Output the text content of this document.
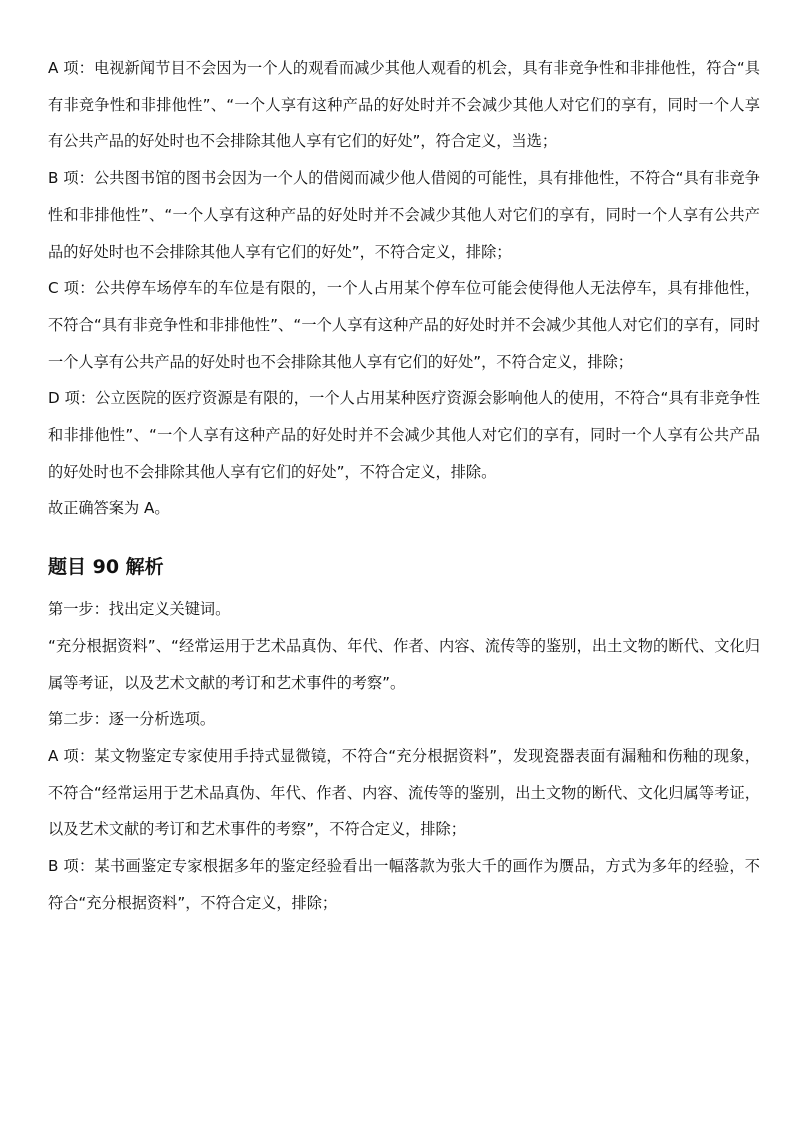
A 项：电视新闻节目不会因为一个人的观看而减少其他人观看的机会，具有非竞争性和非排他性，符合“具有非竞争性和非排他性”、“一个人享有这种产品的好处时并不会减少其他人对它们的享有，同时一个人享有公共产品的好处时也不会排除其他人享有它们的好处”，符合定义，当选；

B 项：公共图书馆的图书会因为一个人的借阅而减少他人借阅的可能性，具有排他性，不符合“具有非竞争性和非排他性”、“一个人享有这种产品的好处时并不会减少其他人对它们的享有，同时一个人享有公共产品的好处时也不会排除其他人享有它们的好处”，不符合定义，排除；

C 项：公共停车场停车的车位是有限的，一个人占用某个停车位可能会使得他人无法停车，具有排他性，不符合“具有非竞争性和非排他性”、“一个人享有这种产品的好处时并不会减少其他人对它们的享有，同时一个人享有公共产品的好处时也不会排除其他人享有它们的好处”，不符合定义，排除；

D 项：公立医院的医疗资源是有限的，一个人占用某种医疗资源会影响他人的使用，不符合“具有非竞争性和非排他性”、“一个人享有这种产品的好处时并不会减少其他人对它们的享有，同时一个人享有公共产品的好处时也不会排除其他人享有它们的好处”，不符合定义，排除。

故正确答案为 A。

题目 90 解析

第一步：找出定义关键词。

“充分根据资料”、“经常运用于艺术品真伪、年代、作者、内容、流传等的鉴别，出土文物的断代、文化归属等考证，以及艺术文献的考订和艺术事件的考察”。

第二步：逐一分析选项。

A 项：某文物鉴定专家使用手持式显微镜，不符合“充分根据资料”，发现瓷器表面有漏釉和伤釉的现象，不符合“经常运用于艺术品真伪、年代、作者、内容、流传等的鉴别，出土文物的断代、文化归属等考证，以及艺术文献的考订和艺术事件的考察”，不符合定义，排除；

B 项：某书画鉴定专家根据多年的鉴定经验看出一幅落款为张大千的画作为赝品，方式为多年的经验，不符合“充分根据资料”，不符合定义，排除；
